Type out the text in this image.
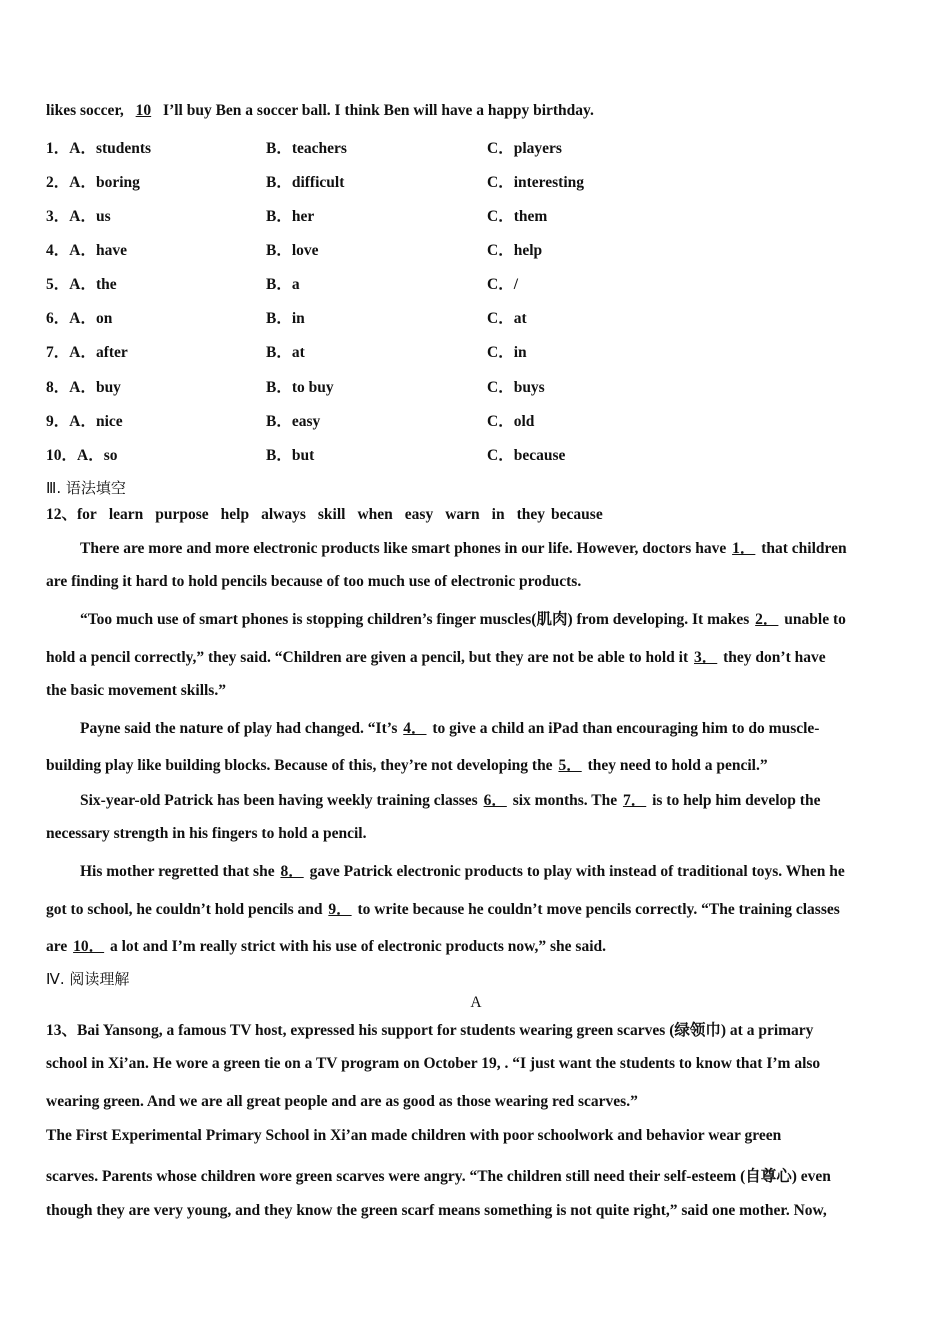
likes soccer, 10 I’ll buy Ben a soccer ball. I think Ben will have a happy birthday.
1．A．students	B．teachers	C．players
2．A．boring	B．difficult	C．interesting
3．A．us	B．her	C．them
4．A．have	B．love	C．help
5．A．the	B．a	C．/
6．A．on	B．in	C．at
7．A．after	B．at	C．in
8．A．buy	B．to buy	C．buys
9．A．nice	B．easy	C．old
10．A．so	B．but	C．because
Ⅲ. 语法填空
12、for learn purpose help always skill when easy warn in they because
There are more and more electronic products like smart phones in our life. However, doctors have 1． that children
are finding it hard to hold pencils because of too much use of electronic products.
“Too much use of smart phones is stopping children’s finger muscles(肌肉) from developing. It makes 2． unable to
hold a pencil correctly,” they said. “Children are given a pencil, but they are not be able to hold it 3． they don’t have
the basic movement skills.”
Payne said the nature of play had changed. “It’s 4． to give a child an iPad than encouraging him to do muscle-
building play like building blocks. Because of this, they’re not developing the 5． they need to hold a pencil.”
Six-year-old Patrick has been having weekly training classes 6． six months. The 7． is to help him develop the
necessary strength in his fingers to hold a pencil.
His mother regretted that she 8． gave Patrick electronic products to play with instead of traditional toys. When he
got to school, he couldn’t hold pencils and 9． to write because he couldn’t move pencils correctly. “The training classes
are 10． a lot and I’m really strict with his use of electronic products now,” she said.
Ⅳ. 阅读理解
A
13、Bai Yansong, a famous TV host, expressed his support for students wearing green scarves (绿领巾) at a primary
school in Xi’an. He wore a green tie on a TV program on October 19, . “I just want the students to know that I’m also
wearing green. And we are all great people and are as good as those wearing red scarves.”
The First Experimental Primary School in Xi’an made children with poor schoolwork and behavior wear green
scarves. Parents whose children wore green scarves were angry. “The children still need their self-esteem (自尊心) even
though they are very young, and they know the green scarf means something is not quite right,” said one mother. Now,
